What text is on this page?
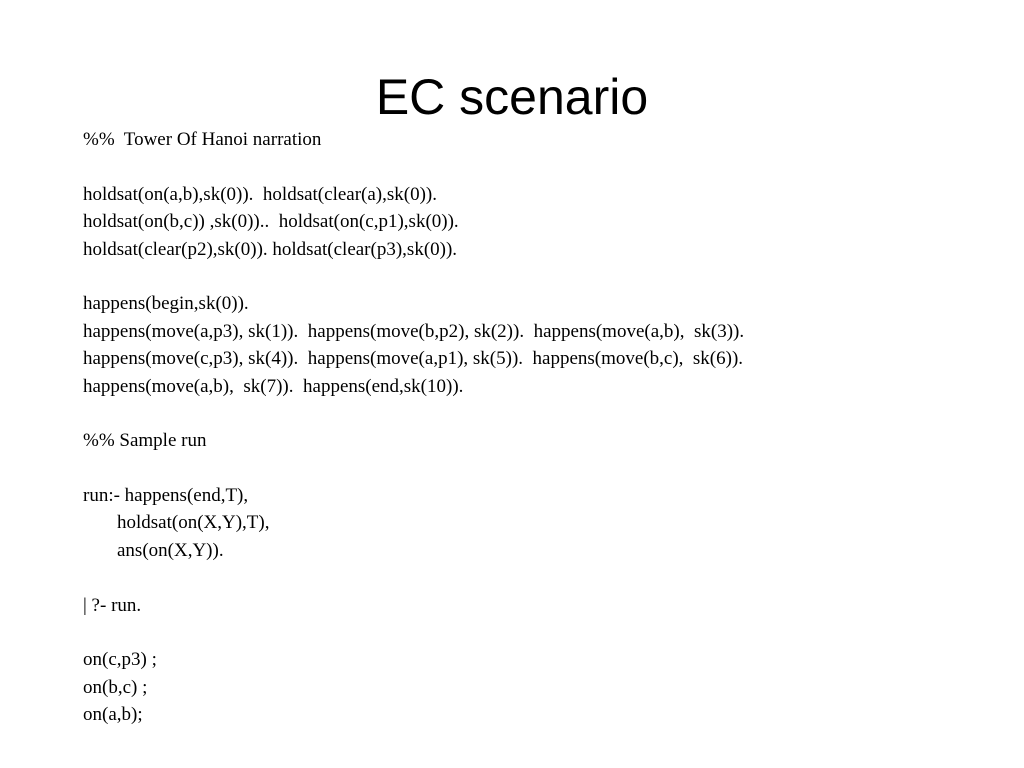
EC scenario
%%  Tower Of Hanoi narration
holdsat(on(a,b),sk(0)).  holdsat(clear(a),sk(0)).
holdsat(on(b,c)) ,sk(0))..  holdsat(on(c,p1),sk(0)).
holdsat(clear(p2),sk(0)). holdsat(clear(p3),sk(0)).
happens(begin,sk(0)).
happens(move(a,p3), sk(1)).  happens(move(b,p2), sk(2)).  happens(move(a,b),  sk(3)).
happens(move(c,p3), sk(4)).  happens(move(a,p1), sk(5)).  happens(move(b,c),  sk(6)).
happens(move(a,b),  sk(7)).  happens(end,sk(10)).
%% Sample run
run:- happens(end,T),
holdsat(on(X,Y),T),
ans(on(X,Y)).
| ?- run.
on(c,p3) ;
on(b,c) ;
on(a,b);
